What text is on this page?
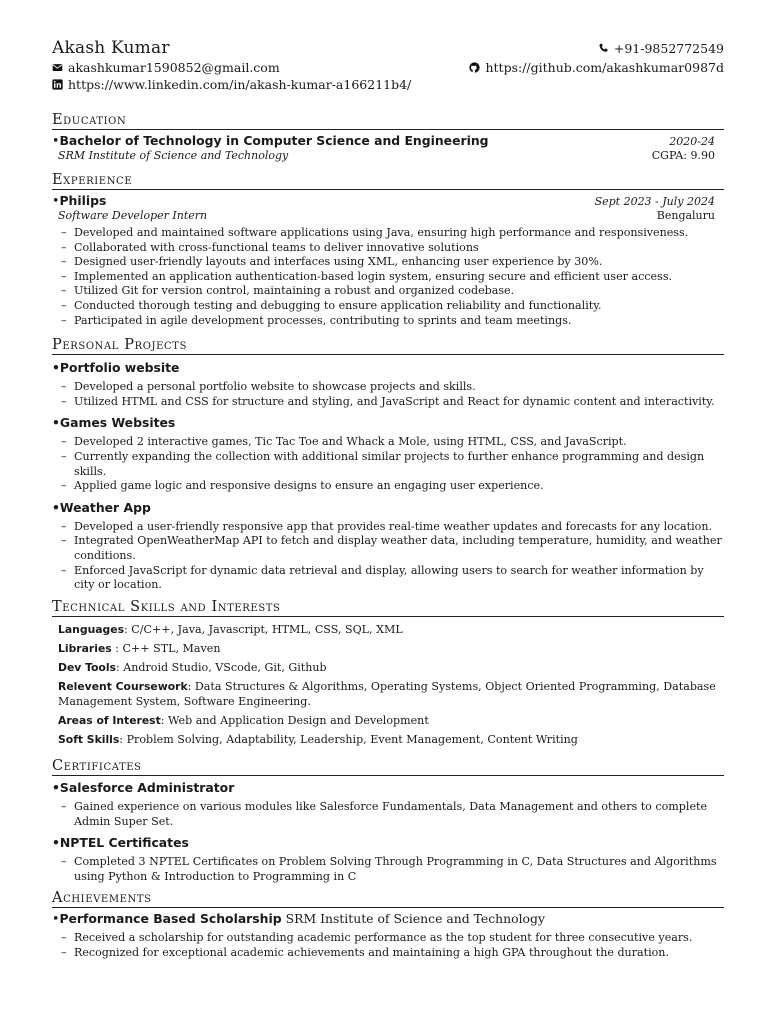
Akash Kumar	+91-9852772549
akashkumar1590852@gmail.com	https://github.com/akashkumar0987d
https://www.linkedin.com/in/akash-kumar-a166211b4/
Education
•Bachelor of Technology in Computer Science and Engineering	2020-24
SRM Institute of Science and Technology	CGPA: 9.90
Experience
•Philips	Sept 2023 - July 2024
Software Developer Intern	Bengaluru
– Developed and maintained software applications using Java, ensuring high performance and responsiveness.
– Collaborated with cross-functional teams to deliver innovative solutions
– Designed user-friendly layouts and interfaces using XML, enhancing user experience by 30%.
– Implemented an application authentication-based login system, ensuring secure and efficient user access.
– Utilized Git for version control, maintaining a robust and organized codebase.
– Conducted thorough testing and debugging to ensure application reliability and functionality.
– Participated in agile development processes, contributing to sprints and team meetings.
Personal Projects
•Portfolio website
– Developed a personal portfolio website to showcase projects and skills.
– Utilized HTML and CSS for structure and styling, and JavaScript and React for dynamic content and interactivity.
•Games Websites
– Developed 2 interactive games, Tic Tac Toe and Whack a Mole, using HTML, CSS, and JavaScript.
– Currently expanding the collection with additional similar projects to further enhance programming and design skills.
– Applied game logic and responsive designs to ensure an engaging user experience.
•Weather App
– Developed a user-friendly responsive app that provides real-time weather updates and forecasts for any location.
– Integrated OpenWeatherMap API to fetch and display weather data, including temperature, humidity, and weather conditions.
– Enforced JavaScript for dynamic data retrieval and display, allowing users to search for weather information by city or location.
Technical Skills and Interests
Languages: C/C++, Java, Javascript, HTML, CSS, SQL, XML
Libraries : C++ STL, Maven
Dev Tools: Android Studio, VScode, Git, Github
Relevent Coursework: Data Structures & Algorithms, Operating Systems, Object Oriented Programming, Database Management System, Software Engineering.
Areas of Interest: Web and Application Design and Development
Soft Skills: Problem Solving, Adaptability, Leadership, Event Management, Content Writing
Certificates
•Salesforce Administrator
– Gained experience on various modules like Salesforce Fundamentals, Data Management and others to complete Admin Super Set.
•NPTEL Certificates
– Completed 3 NPTEL Certificates on Problem Solving Through Programming in C, Data Structures and Algorithms using Python & Introduction to Programming in C
Achievements
•Performance Based Scholarship SRM Institute of Science and Technology
– Received a scholarship for outstanding academic performance as the top student for three consecutive years.
– Recognized for exceptional academic achievements and maintaining a high GPA throughout the duration.
